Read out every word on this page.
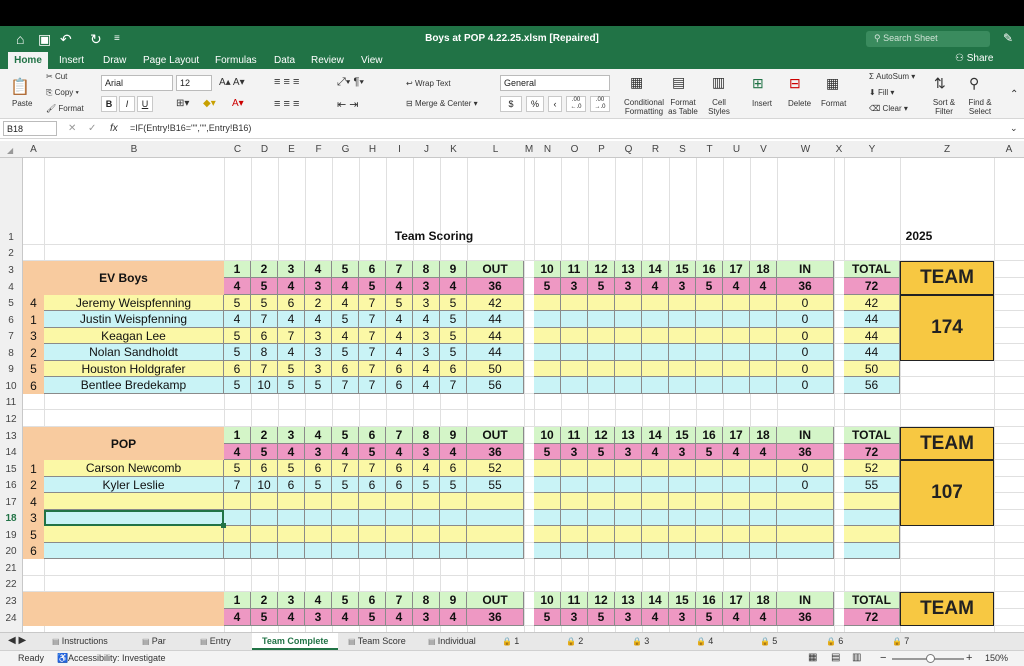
⌂ ▣ ↶ ↻ ≡	Boys at POP 4.22.25.xlsm [Repaired]	⚲ Search Sheet	✎
Home	Insert Draw Page Layout Formulas Data Review View	⚇ Share
📋
Paste
✂ Cut
⎘ Copy ▾
🖌 Format
Arial	12	A▴ A▾
B	I	U	⊞▾ ◆▾ A▾
≡ ≡ ≡
≡ ≡ ≡
⤢▾ ¶▾
⇤ ⇥
↩ Wrap Text
⊟ Merge & Center ▾
General
$	%	‹	.00 ←.0
.00 →.0
▦
Conditional Formatting
▤
Format as Table
▥
Cell Styles
⊞
Insert
⊟
Delete
▦
Format
Σ AutoSum ▾
⬇ Fill ▾
⌫ Clear ▾
⇅
Sort & Filter
⚲
Find & Select
⌃
B18	✕ ✓ fx =IF(Entry!B16="","",Entry!B16)	⌄
◢	A	B	C	D	E	F	G	H	I	J	K	L	M	N	O	P	Q	R	S	T	U	V	W	X	Y	Z	A
1
2
3
4
5
6
7
8
9
10
11
12
13
14
15
16
17
18
19
20
21
22
23
24
Team Scoring	2025
EV Boys
1
4
10
5
2
5
11
3
3
4
12
5
4
3
13
3
5
4
14
4
6
5
15
3
7
4
16
5
8
3
17
4
9
4
18
4
OUT
36
IN
36
TOTAL
72	TEAM
174
4	Jeremy Weispfenning	5	5	6	2	4	7	5	3	5	42	0	42
1	Justin Weispfenning	4	7	4	4	5	7	4	4	5	44	0	44
3	Keagan Lee	5	6	7	3	4	7	4	3	5	44	0	44
2	Nolan Sandholdt	5	8	4	3	5	7	4	3	5	44	0	44
5	Houston Holdgrafer	6	7	5	3	6	7	6	4	6	50	0	50
6	Bentlee Bredekamp	5	10	5	5	7	7	6	4	7	56	0	56
POP
1
4
10
5
2
5
11
3
3
4
12
5
4
3
13
3
5
4
14
4
6
5
15
3
7
4
16
5
8
3
17
4
9
4
18
4
OUT
36
IN
36
TOTAL
72	TEAM
107
1	Carson Newcomb	5	6	5	6	7	7	6	4	6	52	0	52
2	Kyler Leslie	7	10	6	5	5	6	6	5	5	55	0	55
4
3
5
6
1
4
10
5
2
5
11
3
3
4
12
5
4
3
13
3
5
4
14
4
6
5
15
3
7
4
16
5
8
3
17
4
9
4
18
4
OUT
36
IN
36
TOTAL
72	TEAM
◀ ▶	▤ Instructions	▤ Par	▤ Entry	Team Complete	▤ Team Score	▤ Individual	🔒 1	🔒 2	🔒 3	🔒 4	🔒 5	🔒 6	🔒 7
Ready ♿ Accessibility: Investigate	▦ ▤ ▥ −	+ 150%
